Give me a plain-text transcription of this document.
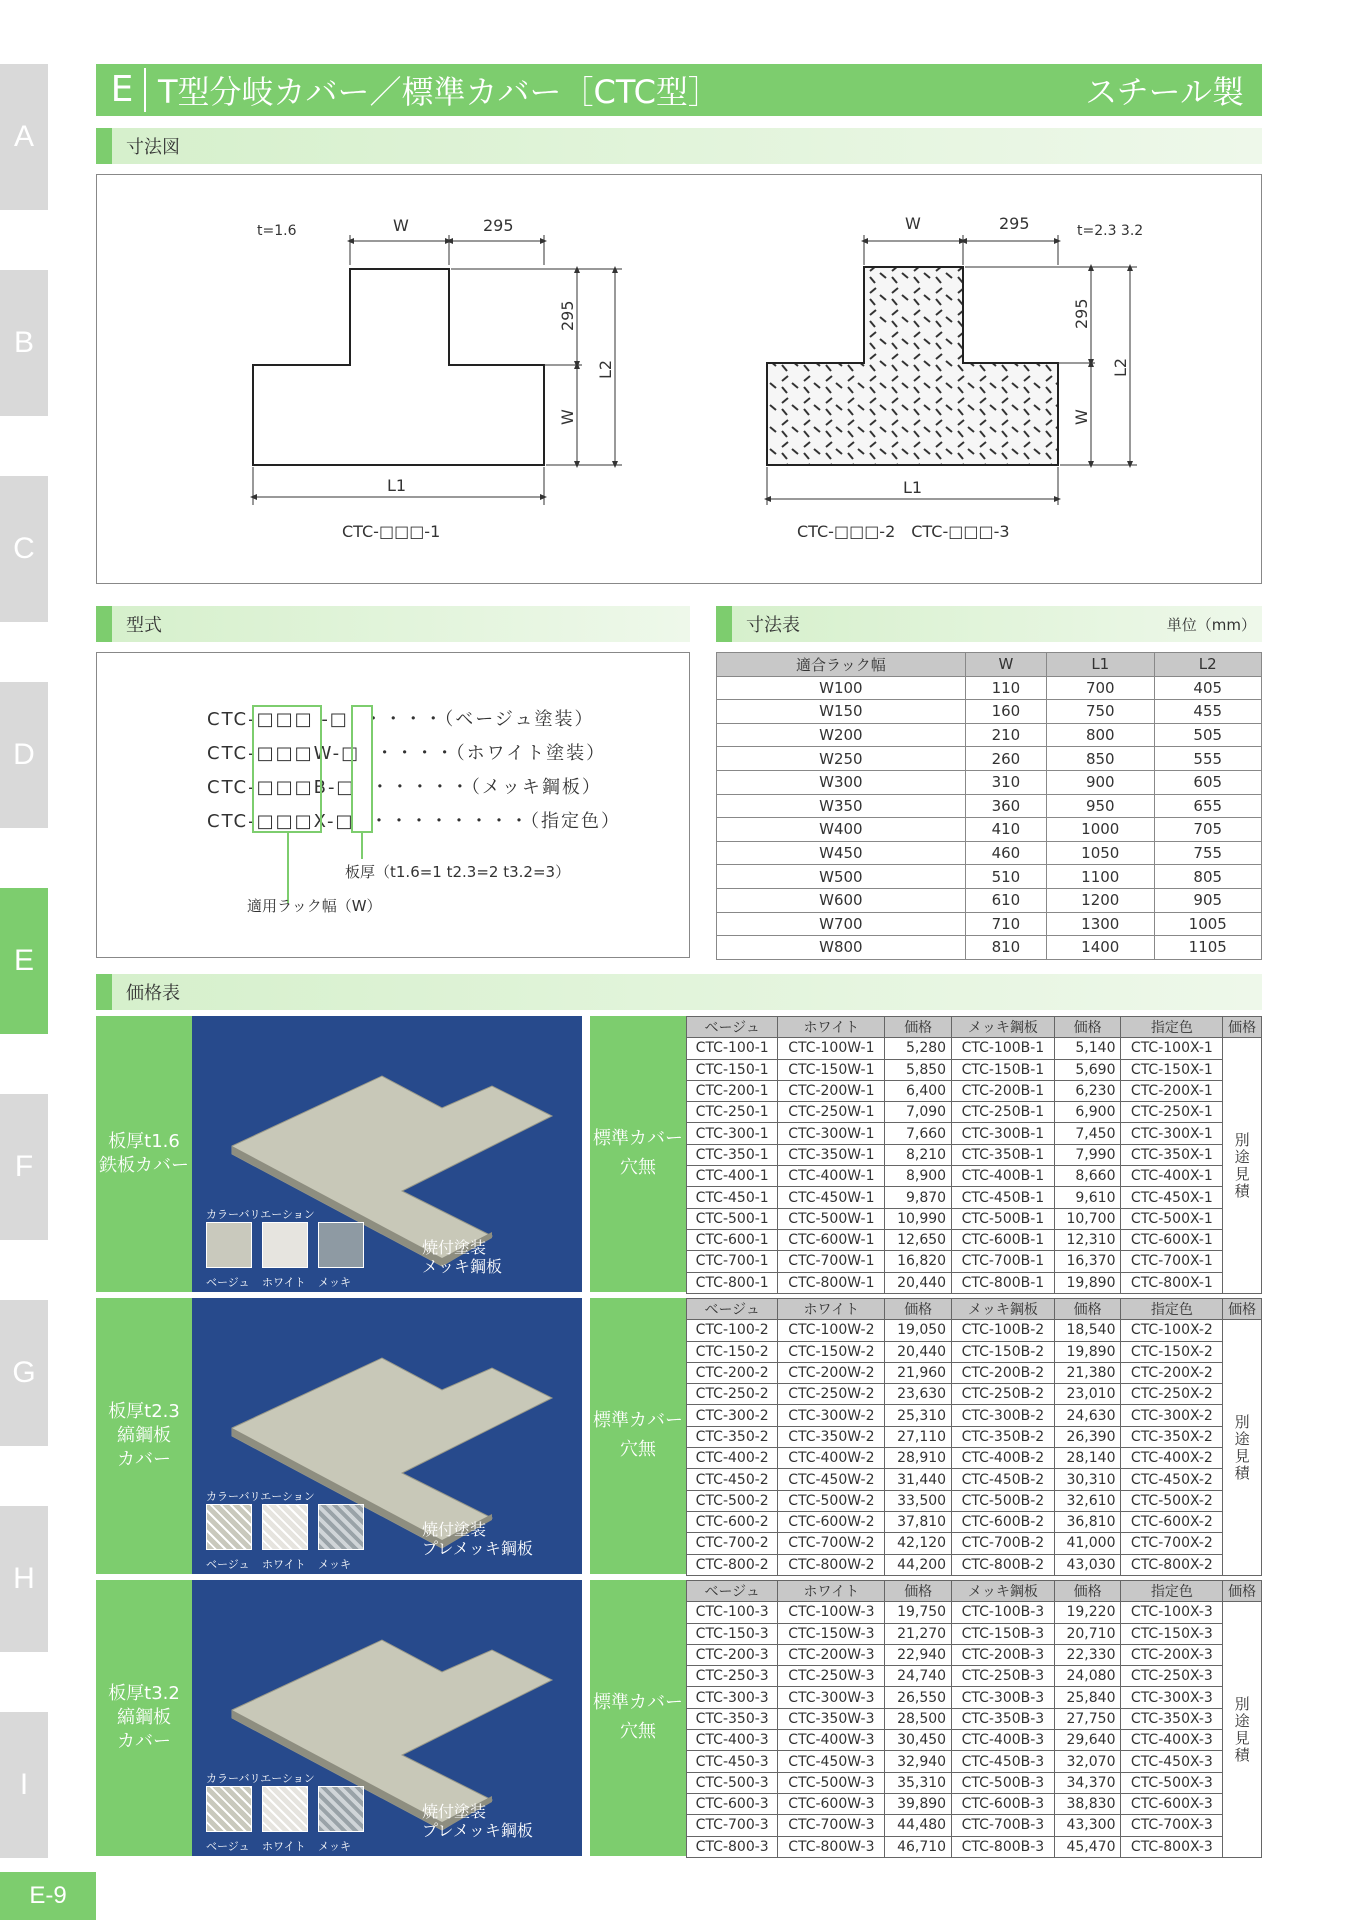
A
B
C
D
E
F
G
H
I
E-9
E T型分岐カバー／標準カバー［CTC型］	スチール製
寸法図
t=1.6	W	295
295
W
L2
L1
CTC-□□□-1
t=2.3 3.2
W	295
295
W
L2
L1
CTC-□□□-2　CTC-□□□-3
型式
CTC-□□□ -□  ・・・・（ベージュ塗装）
CTC-□□□W-□  ・・・・（ホワイト塗装）
CTC-□□□B-□  ・・・・・（メッキ鋼板）
CTC-□□□X-□  ・・・・・・・・（指定色）
板厚（t1.6=1 t2.3=2 t3.2=3）
適用ラック幅（W）
寸法表	単位（mm）
適合ラック幅	W	L1	L2
W100	110	700	405
W150	160	750	455
W200	210	800	505
W250	260	850	555
W300	310	900	605
W350	360	950	655
W400	410	1000	705
W450	460	1050	755
W500	510	1100	805
W600	610	1200	905
W700	710	1300	1005
W800	810	1400	1105
価格表
板厚t1.6
鉄板カバー
カラーバリエーション
ベージュ ホワイト メッキ
焼付塗装
メッキ鋼板
標準カバー
穴無
ベージュ	ホワイト	価格	メッキ鋼板	価格	指定色	価格
CTC-100-1	CTC-100W-1	5,280	CTC-100B-1	5,140	CTC-100X-1	別途見積
CTC-150-1	CTC-150W-1	5,850	CTC-150B-1	5,690	CTC-150X-1	
CTC-200-1	CTC-200W-1	6,400	CTC-200B-1	6,230	CTC-200X-1	
CTC-250-1	CTC-250W-1	7,090	CTC-250B-1	6,900	CTC-250X-1	
CTC-300-1	CTC-300W-1	7,660	CTC-300B-1	7,450	CTC-300X-1	
CTC-350-1	CTC-350W-1	8,210	CTC-350B-1	7,990	CTC-350X-1	
CTC-400-1	CTC-400W-1	8,900	CTC-400B-1	8,660	CTC-400X-1	
CTC-450-1	CTC-450W-1	9,870	CTC-450B-1	9,610	CTC-450X-1	
CTC-500-1	CTC-500W-1	10,990	CTC-500B-1	10,700	CTC-500X-1	
CTC-600-1	CTC-600W-1	12,650	CTC-600B-1	12,310	CTC-600X-1	
CTC-700-1	CTC-700W-1	16,820	CTC-700B-1	16,370	CTC-700X-1	
CTC-800-1	CTC-800W-1	20,440	CTC-800B-1	19,890	CTC-800X-1	
板厚t2.3
縞鋼板
カバー
カラーバリエーション
ベージュ ホワイト メッキ
焼付塗装
プレメッキ鋼板
標準カバー
穴無
ベージュ	ホワイト	価格	メッキ鋼板	価格	指定色	価格
CTC-100-2	CTC-100W-2	19,050	CTC-100B-2	18,540	CTC-100X-2	別途見積
CTC-150-2	CTC-150W-2	20,440	CTC-150B-2	19,890	CTC-150X-2	
CTC-200-2	CTC-200W-2	21,960	CTC-200B-2	21,380	CTC-200X-2	
CTC-250-2	CTC-250W-2	23,630	CTC-250B-2	23,010	CTC-250X-2	
CTC-300-2	CTC-300W-2	25,310	CTC-300B-2	24,630	CTC-300X-2	
CTC-350-2	CTC-350W-2	27,110	CTC-350B-2	26,390	CTC-350X-2	
CTC-400-2	CTC-400W-2	28,910	CTC-400B-2	28,140	CTC-400X-2	
CTC-450-2	CTC-450W-2	31,440	CTC-450B-2	30,310	CTC-450X-2	
CTC-500-2	CTC-500W-2	33,500	CTC-500B-2	32,610	CTC-500X-2	
CTC-600-2	CTC-600W-2	37,810	CTC-600B-2	36,810	CTC-600X-2	
CTC-700-2	CTC-700W-2	42,120	CTC-700B-2	41,000	CTC-700X-2	
CTC-800-2	CTC-800W-2	44,200	CTC-800B-2	43,030	CTC-800X-2	
板厚t3.2
縞鋼板
カバー
カラーバリエーション
ベージュ ホワイト メッキ
焼付塗装
プレメッキ鋼板
標準カバー
穴無
ベージュ	ホワイト	価格	メッキ鋼板	価格	指定色	価格
CTC-100-3	CTC-100W-3	19,750	CTC-100B-3	19,220	CTC-100X-3	別途見積
CTC-150-3	CTC-150W-3	21,270	CTC-150B-3	20,710	CTC-150X-3	
CTC-200-3	CTC-200W-3	22,940	CTC-200B-3	22,330	CTC-200X-3	
CTC-250-3	CTC-250W-3	24,740	CTC-250B-3	24,080	CTC-250X-3	
CTC-300-3	CTC-300W-3	26,550	CTC-300B-3	25,840	CTC-300X-3	
CTC-350-3	CTC-350W-3	28,500	CTC-350B-3	27,750	CTC-350X-3	
CTC-400-3	CTC-400W-3	30,450	CTC-400B-3	29,640	CTC-400X-3	
CTC-450-3	CTC-450W-3	32,940	CTC-450B-3	32,070	CTC-450X-3	
CTC-500-3	CTC-500W-3	35,310	CTC-500B-3	34,370	CTC-500X-3	
CTC-600-3	CTC-600W-3	39,890	CTC-600B-3	38,830	CTC-600X-3	
CTC-700-3	CTC-700W-3	44,480	CTC-700B-3	43,300	CTC-700X-3	
CTC-800-3	CTC-800W-3	46,710	CTC-800B-3	45,470	CTC-800X-3	
